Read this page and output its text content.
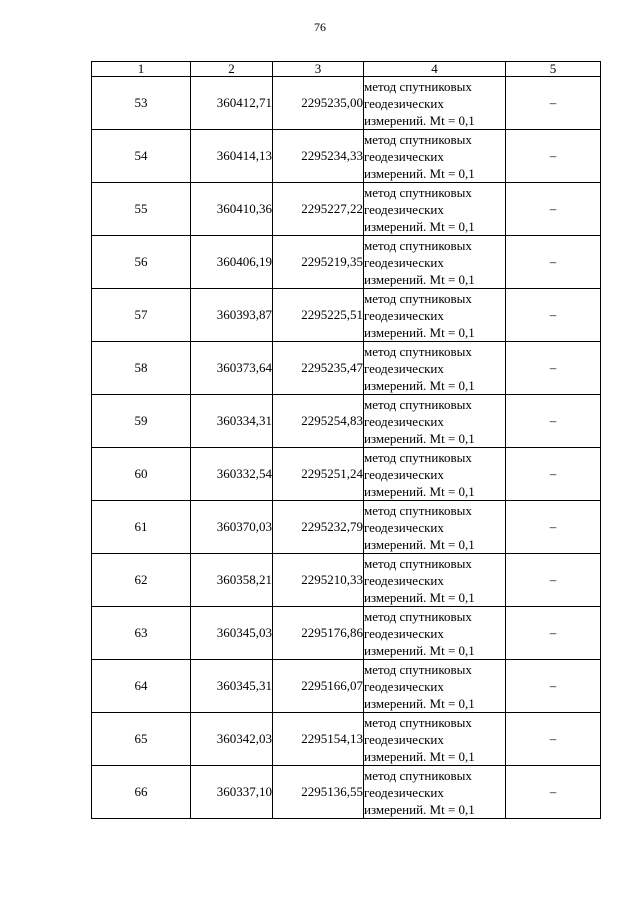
76
1	2	3	4	5
53	360412,71	2295235,00	метод спутниковых
геодезических
измерений. Mt = 0,1	–
54	360414,13	2295234,33	метод спутниковых
геодезических
измерений. Mt = 0,1	–
55	360410,36	2295227,22	метод спутниковых
геодезических
измерений. Mt = 0,1	–
56	360406,19	2295219,35	метод спутниковых
геодезических
измерений. Mt = 0,1	–
57	360393,87	2295225,51	метод спутниковых
геодезических
измерений. Mt = 0,1	–
58	360373,64	2295235,47	метод спутниковых
геодезических
измерений. Mt = 0,1	–
59	360334,31	2295254,83	метод спутниковых
геодезических
измерений. Mt = 0,1	–
60	360332,54	2295251,24	метод спутниковых
геодезических
измерений. Mt = 0,1	–
61	360370,03	2295232,79	метод спутниковых
геодезических
измерений. Mt = 0,1	–
62	360358,21	2295210,33	метод спутниковых
геодезических
измерений. Mt = 0,1	–
63	360345,03	2295176,86	метод спутниковых
геодезических
измерений. Mt = 0,1	–
64	360345,31	2295166,07	метод спутниковых
геодезических
измерений. Mt = 0,1	–
65	360342,03	2295154,13	метод спутниковых
геодезических
измерений. Mt = 0,1	–
66	360337,10	2295136,55	метод спутниковых
геодезических
измерений. Mt = 0,1	–
